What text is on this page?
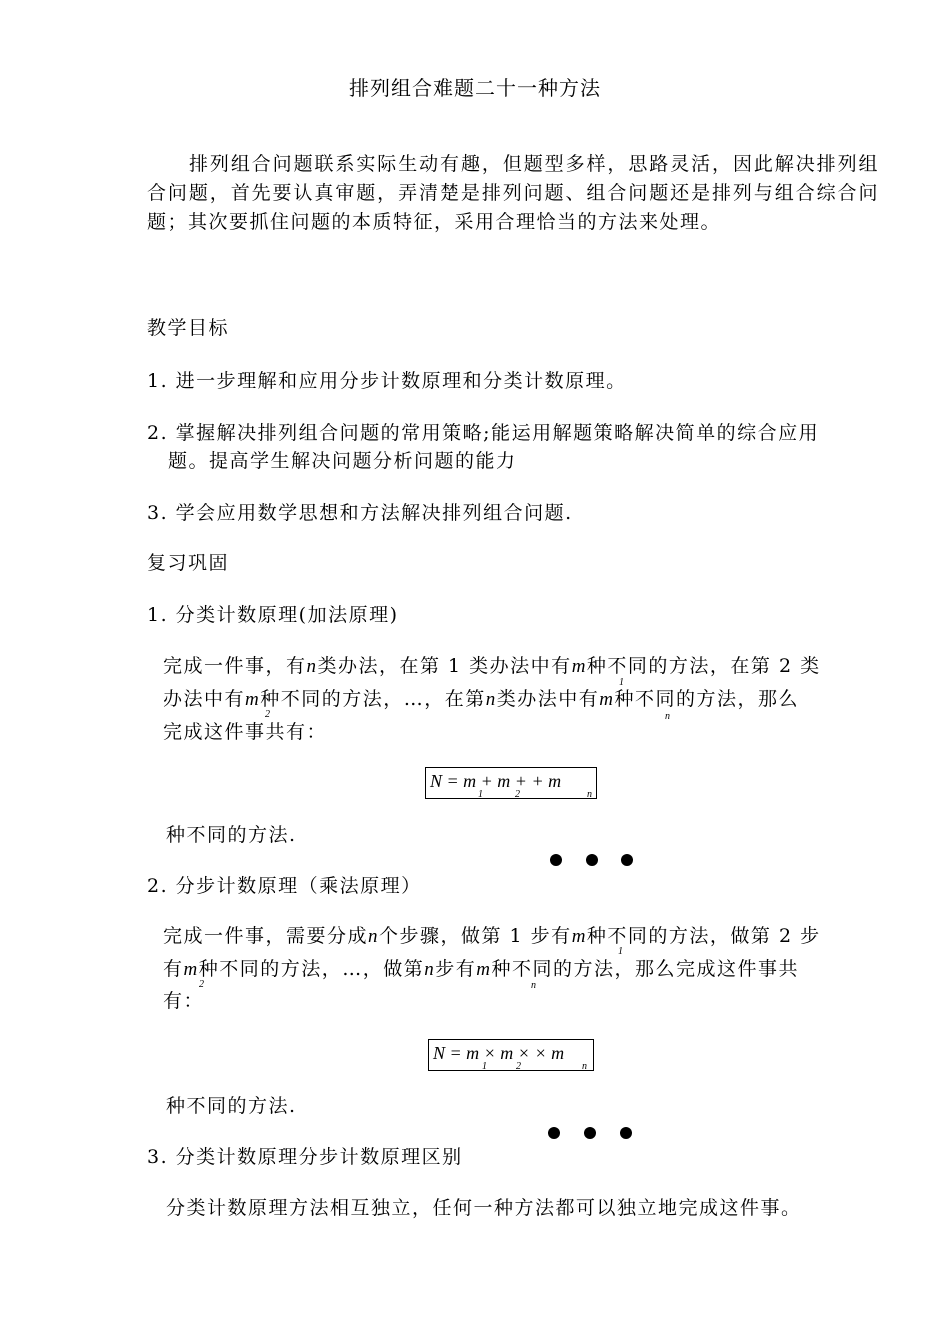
排列组合难题二十一种方法
排列组合问题联系实际生动有趣，但题型多样，思路灵活，因此解决排列组合问题，首先要认真审题，弄清楚是排列问题、组合问题还是排列与组合综合问题；其次要抓住问题的本质特征，采用合理恰当的方法来处理。
教学目标
1. 进一步理解和应用分步计数原理和分类计数原理。
2. 掌握解决排列组合问题的常用策略;能运用解题策略解决简单的综合应用
题。提高学生解决问题分析问题的能力
3. 学会应用数学思想和方法解决排列组合问题.
复习巩固
1. 分类计数原理(加法原理)
完成一件事，有n类办法，在第 1 类办法中有m种不同的方法，在第 2 类
1
办法中有m种不同的方法，…，在第n类办法中有m种不同的方法，那么
2	n
完成这件事共有：
N = m + m + + m
1	2	n
种不同的方法.
2. 分步计数原理（乘法原理）
完成一件事，需要分成n个步骤，做第 1 步有m种不同的方法，做第 2 步
1
有m种不同的方法，…，做第n步有m种不同的方法，那么完成这件事共
2	n
有：
N = m × m × × m
1	2	n
种不同的方法.
3. 分类计数原理分步计数原理区别
分类计数原理方法相互独立，任何一种方法都可以独立地完成这件事。
